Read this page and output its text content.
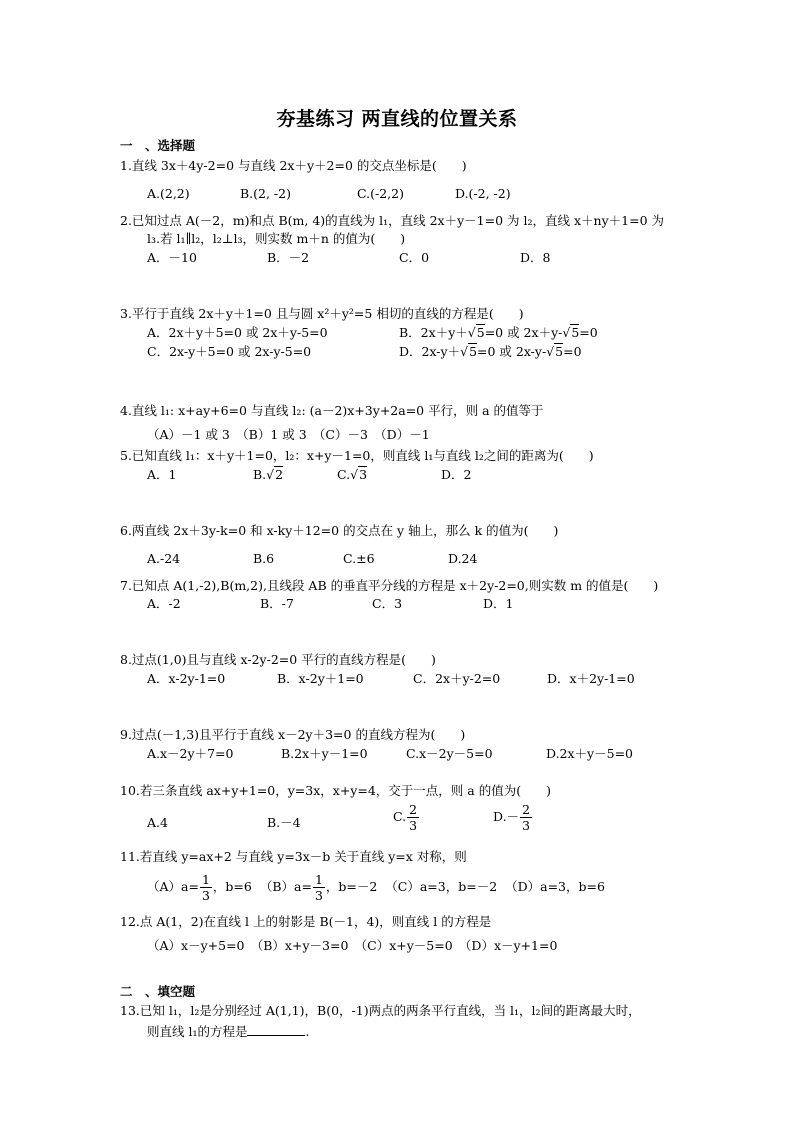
夯基练习 两直线的位置关系
一　、选择题
1.直线 3x＋4y-2=0 与直线 2x＋y＋2=0 的交点坐标是(　　)
A.(2,2)	B.(2, -2)	C.(-2,2)	D.(-2, -2)
2.已知过点 A(－2，m)和点 B(m, 4)的直线为 l₁，直线 2x＋y－1=0 为 l₂，直线 x＋ny＋1=0 为
l₃.若 l₁∥l₂，l₂⊥l₃，则实数 m＋n 的值为(　　)
A．－10	B．－2	C．0	D．8
3.平行于直线 2x＋y＋1=0 且与圆 x²＋y²=5 相切的直线的方程是(　　)
A．2x＋y＋5=0 或 2x＋y-5=0	B．2x＋y＋√5=0 或 2x＋y-√5=0
C．2x-y＋5=0 或 2x-y-5=0	D．2x-y＋√5=0 或 2x-y-√5=0
4.直线 l₁: x+ay+6=0 与直线 l₂: (a－2)x+3y+2a=0 平行，则 a 的值等于
（A）－1 或 3　（B）1 或 3　（C）－3　（D）－1
5.已知直线 l₁：x＋y＋1=0，l₂：x+y－1=0，则直线 l₁与直线 l₂之间的距离为(　　)
A．1	B.√2	C.√3	D．2
6.两直线 2x＋3y-k=0 和 x-ky＋12=0 的交点在 y 轴上，那么 k 的值为(　　)
A.-24	B.6	C.±6	D.24
7.已知点 A(1,-2),B(m,2),且线段 AB 的垂直平分线的方程是 x＋2y-2=0,则实数 m 的值是(　　)
A．-2	B．-7	C．3	D．1
8.过点(1,0)且与直线 x-2y-2=0 平行的直线方程是(　　)
A．x-2y-1=0	B．x-2y＋1=0	C．2x＋y-2=0	D．x＋2y-1=0
9.过点(－1,3)且平行于直线 x－2y＋3=0 的直线方程为(　　)
A.x－2y＋7=0	B.2x＋y－1=0	C.x－2y－5=0	D.2x＋y－5=0
10.若三条直线 ax+y+1=0，y=3x，x+y=4，交于一点，则 a 的值为(　　)
A.4	B.－4	C. $\frac{2}{3}$	$D.- \frac{2}{3}$
11.若直线 y=ax+2 与直线 y=3x－b 关于直线 y=x 对称，则
$(A)a= \frac{1}{3}$ ，b=6 $(B)a= \frac{1}{3}$ ，b=－2 （C）a=3，b=－2 （D）a=3，b=6
12.点 A(1，2)在直线 l 上的射影是 B(－1，4)，则直线 l 的方程是
（A）x－y+5=0　（B）x+y－3=0　（C）x+y－5=0　（D）x－y+1=0
二　、填空题
13.已知 l₁，l₂是分别经过 A(1,1)，B(0，-1)两点的两条平行直线，当 l₁，l₂间的距离最大时，
则直线 l₁的方程是	.
